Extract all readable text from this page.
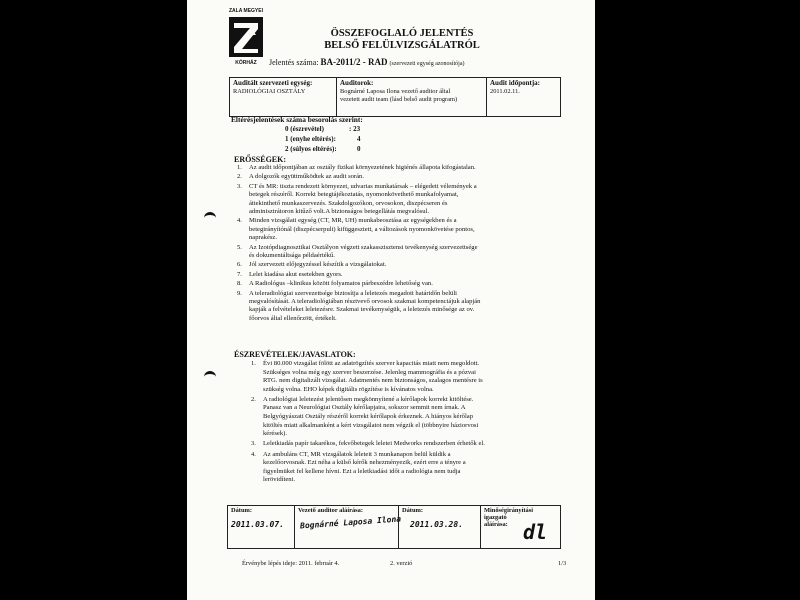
ZALA MEGYEI
KÓRHÁZ
ÖSSZEFOGLALÓ JELENTÉS
BELSŐ FELÜLVIZSGÁLATRÓL
Jelentés száma: BA-2011/2 - RAD (szervezeti egység azonosítója)
Auditált szervezeti egység:
RADIOLÓGIAI OSZTÁLY
Auditorok:
Bognárné Laposa Ilona vezető auditor által
vezetett audit team (lásd belső audit program)
Audit időpontja:
2011.02.11.
Eltérésjelentések száma besorolás szerint:
0 (észrevétel)	: 23
1 (enyhe eltérés):	4
2 (súlyos eltérés):	0
ERŐSSÉGEK:
1. Az audit időpontjában az osztály fizikai környezetének higiénés állapota kifogástalan.
2. A dolgozók együttműködtek az audit során.
3. CT és MR: tiszta rendezett környezet, udvarias munkatársak – elégedett vélemények a
betegek részéről. Korrekt betegtájékoztatás, nyomonkövethető munkafolyamat,
áttekinthető munkaszervezés. Szakdolgozókon, orvosokon, diszpécseren és
adminisztrátoron kitűző volt.A biztonságos betegellátás megvalósul.
4. Minden vizsgálati egység (CT, MR, UH) munkabeosztása az egységekben és a
betegirányítónál (diszpécserpult) kifüggesztett, a változások nyomonkövetése pontos,
naprakész.
5. Az Izotópdiagnosztikai Osztályon végzett szakasszisztensi tevékenység szervezettsége
és dokumentáltsága példaértékű.
6. Jól szervezett előjegyzéssel készítik a vizsgálatokat.
7. Lelet kiadása akut esetekben gyors.
8. A Radiológus –klinikus között folyamatos párbeszédre lehetőség van.
9. A teleradiológiai szervezettsége biztosítja a leletezés megadott határidőn belüli
megvalósítását. A teleradiológiában résztvevő orvosok szakmai kompetenciájuk alapján
kapják a felvételeket leletezésre. Szakmai tevékenységük, a leletezés minősége az ov.
főorvos által ellenőrzött, értékelt.
ÉSZREVÉTELEK/JAVASLATOK:
1. Évi 80.000 vizsgálat fölött az adatrögzítés szerver kapacitás miatt nem megoldott.
Szükséges volna még egy szerver beszerzése. Jelenleg mammográfia és a pózvai
RTG. nem digitalizált vizsgálat. Adatmentés nem biztonságos, szalagos mentésre is
szükség volna. EHO képek digitális rögzítése is kívánatos volna.
2. A radiológiai leletezést jelentősen megkönnyítené a kérőlapok korrekt kitöltése.
Panasz van a Neurológiai Osztály kérőlapjaira, sokszor semmit nem írnak. A
Belgyógyászati Osztály részéről korrekt kérőlapok érkeznek. A hiányos kérőlap
kitöltés miatt alkalmanként a kért vizsgálatot nem végzik el (többnyire háziorvosi
kérések).
3. Leletkiadás papír takarékos, fekvőbetegek leletei Medworks rendszerben érhetők el.
4. Az ambuláns CT, MR vizsgálatok leleteit 3 munkanapon belül küldik a
kezelőorvosnak. Ezt néha a külső kérők nehezményezik, ezért erre a tényre a
figyelmüket fel kellene hívni. Ezt a leletkiadási időt a radiológia nem tudja
lerövidíteni.
Dátum:
2011.03.07.
Vezető auditor aláírása:
Bognárné Laposa Ilona
Dátum:
2011.03.28.
Minőségirányítási igazgató
aláírása: dl
Érvénybe lépés ideje: 2011. február 4.	2. verzió	1/3
